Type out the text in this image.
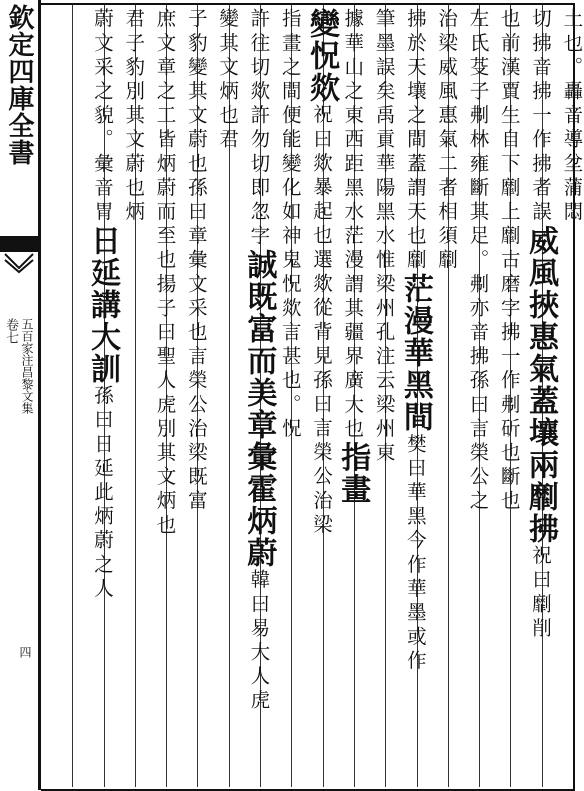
欽定四庫全書
卷七 五百家注昌黎文集
四
土也。轟音導坌蒲悶
切拂音拂一作拂者誤威風挾惠氣蓋壤兩劘拂祝曰劘削
也前漢賈生自下劘上劘古磨字拂一作刜斫也斷也
左氏芟子刜林雍斷其足。刜亦音拂孫曰言榮公之
治梁威風惠氣二者相須劘
拂於天壤之間蓋謂天也劘茫漫華黑間樊曰華黑今作華墨或作
筆墨誤矣禹貢華陽黑水惟梁州孔注云梁州東
據華山之東西距黑水茫漫謂其疆界廣大也指畫
變怳欻祝曰欻暴起也選欻從背見孫曰言榮公治梁
指畫之間便能變化如神鬼怳欻言甚也。怳
許往切欻許勿切即忽字誠既富而美章彙霍炳蔚韓曰易大人虎
變其文炳也君
子豹變其文蔚也孫曰章彙文采也言榮公治梁既富
庶文章之工皆炳蔚而至也揚子曰聖人虎別其文炳也
君子豹別其文蔚也炳
蔚文采之貌。彙音胃日延講大訓孫曰日延此炳蔚之人
